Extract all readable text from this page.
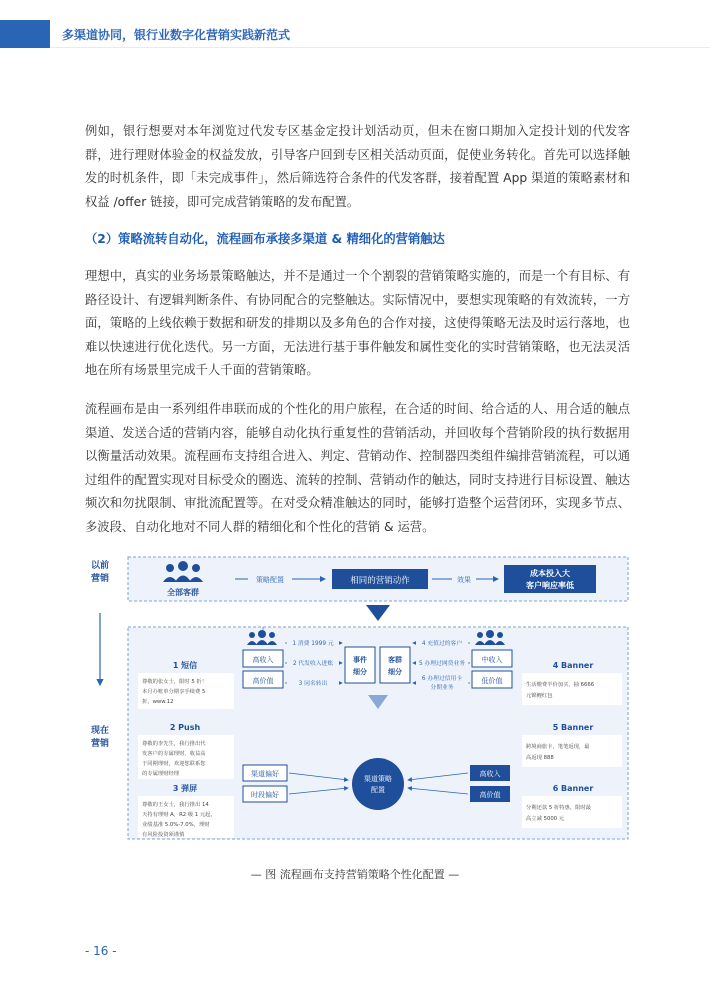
多渠道协同，银行业数字化营销实践新范式

例如，银行想要对本年浏览过代发专区基金定投计划活动页，但未在窗口期加入定投计划的代发客群，进行理财体验金的权益发放，引导客户回到专区相关活动页面，促使业务转化。首先可以选择触发的时机条件，即「未完成事件」，然后筛选符合条件的代发客群，接着配置 App 渠道的策略素材和权益 /offer 链接，即可完成营销策略的发布配置。

（2）策略流转自动化，流程画布承接多渠道 & 精细化的营销触达

理想中，真实的业务场景策略触达，并不是通过一个个割裂的营销策略实施的，而是一个有目标、有路径设计、有逻辑判断条件、有协同配合的完整触达。实际情况中，要想实现策略的有效流转，一方面，策略的上线依赖于数据和研发的排期以及多角色的合作对接，这使得策略无法及时运行落地，也难以快速进行优化迭代。另一方面，无法进行基于事件触发和属性变化的实时营销策略，也无法灵活地在所有场景里完成千人千面的营销策略。

流程画布是由一系列组件串联而成的个性化的用户旅程，在合适的时间、给合适的人、用合适的触点渠道、发送合适的营销内容，能够自动化执行重复性的营销活动，并回收每个营销阶段的执行数据用以衡量活动效果。流程画布支持组合进入、判定、营销动作、控制器四类组件编排营销流程，可以通过组件的配置实现对目标受众的圈选、流转的控制、营销动作的触达，同时支持进行目标设置、触达频次和勿扰限制、审批流配置等。在对受众精准触达的同时，能够打造整个运营闭环，实现多节点、多波段、自动化地对不同人群的精细化和个性化的营销 & 运营。

以前
营销
现在
营销
全部客群
策略配置	相同的营销动作	效果
成本投入大
客户响应率低
1 短信
尊敬的张女士，限时 5 折！
本月办账单分期享手续费 5
折，www.12
2 Push
尊敬的李先生，我行推出代
发客户的专属理财，收益高
于同期理财，欢迎您联系您
的专属理财经理
3 弹屏
尊敬的王女士，我行推出 14
天持有理财 A，R2 级 1 元起，
业绩基准 5.0%-7.0%，理财
有风险投资须谨慎
高收入
高价值
1 消费 1999 元
2 代发收入进账
3 同名转出
事件
细分
客群
细分
4 充值过的客户
5 办理过网贷业务
6 办理过信用卡
分期业务
中收入
低价值
4 Banner
生活缴费半价加买，抽 6666
元锦鲤红包
5 Banner
跨境商旅卡，笔笔返现，最
高返现 888
6 Banner
分期还款 5 折特惠，限时最
高立减 5000 元
渠道偏好
时段偏好
渠道策略
配置
高收入
高价值
— 图 流程画布支持营销策略个性化配置 —
- 16 -
